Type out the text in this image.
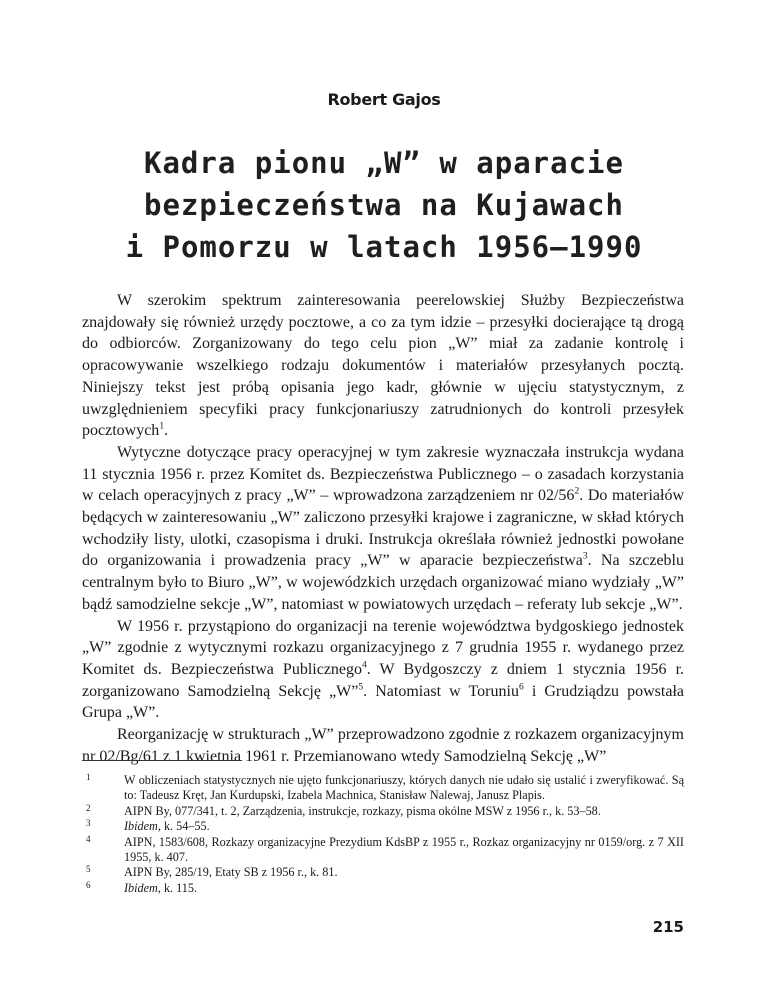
Robert Gajos
Kadra pionu „W” w aparacie
bezpieczeństwa na Kujawach
i Pomorzu w latach 1956–1990

W szerokim spektrum zainteresowania peerelowskiej Służby Bezpieczeństwa znajdowały się również urzędy pocztowe, a co za tym idzie – przesyłki docierające tą drogą do odbiorców. Zorganizowany do tego celu pion „W” miał za zadanie kontrolę i opracowywanie wszelkiego rodzaju dokumentów i materiałów przesyłanych pocztą. Niniejszy tekst jest próbą opisania jego kadr, głównie w ujęciu statystycznym, z uwzględnieniem specyfiki pracy funkcjonariuszy zatrudnionych do kontroli przesyłek pocztowych$^1$.

Wytyczne dotyczące pracy operacyjnej w tym zakresie wyznaczała instrukcja wydana 11 stycznia 1956 r. przez Komitet ds. Bezpieczeństwa Publicznego – o zasadach korzystania w celach operacyjnych z pracy „W” – wprowadzona zarządzeniem nr 02/56$^2$. Do materiałów będących w zainteresowaniu „W” zaliczono przesyłki krajowe i zagraniczne, w skład których wchodziły listy, ulotki, czasopisma i druki. Instrukcja określała również jednostki powołane do organizowania i prowadzenia pracy „W” w aparacie bezpieczeństwa$^3$. Na szczeblu centralnym było to Biuro „W”, w wojewódzkich urzędach organizować miano wydziały „W” bądź samodzielne sekcje „W”, natomiast w powiatowych urzędach – referaty lub sekcje „W”.

W 1956 r. przystąpiono do organizacji na terenie województwa bydgoskiego jednostek „W” zgodnie z wytycznymi rozkazu organizacyjnego z 7 grudnia 1955 r. wydanego przez Komitet ds. Bezpieczeństwa Publicznego$^4$. W Bydgoszczy z dniem 1 stycznia 1956 r. zorganizowano Samodzielną Sekcję „W”$^5$. Natomiast w Toruniu$^6$ i Grudziądzu powstała Grupa „W”.

Reorganizację w strukturach „W” przeprowadzono zgodnie z rozkazem organizacyjnym nr 02/Bg/61 z 1 kwietnia 1961 r. Przemianowano wtedy Samodzielną Sekcję „W”

1	W obliczeniach statystycznych nie ujęto funkcjonariuszy, których danych nie udało się ustalić i zweryfikować. Są to: Tadeusz Kręt, Jan Kurdupski, Izabela Machnica, Stanisław Nalewaj, Janusz Plapis.
2	AIPN By, 077/341, t. 2, Zarządzenia, instrukcje, rozkazy, pisma okólne MSW z 1956 r., k. 53–58.
3	Ibidem, k. 54–55.
4	AIPN, 1583/608, Rozkazy organizacyjne Prezydium KdsBP z 1955 r., Rozkaz organizacyjny nr 0159/org. z 7 XII 1955, k. 407.
5	AIPN By, 285/19, Etaty SB z 1956 r., k. 81.
6	Ibidem, k. 115.
215
